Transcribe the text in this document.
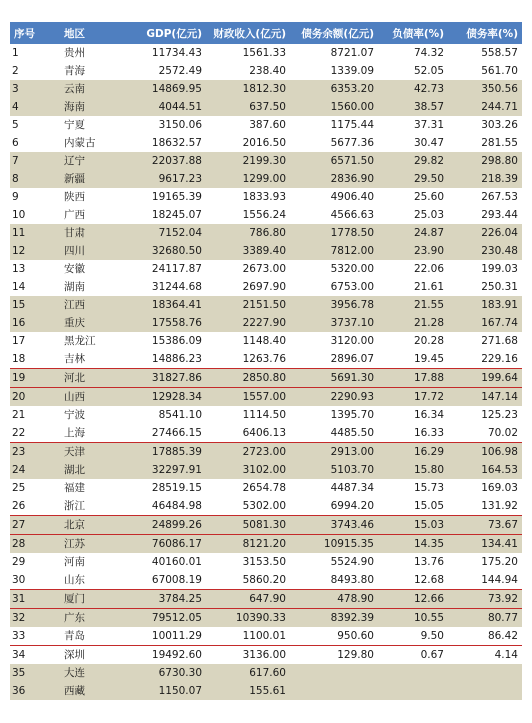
序号	地区	GDP(亿元)	财政收入(亿元)	债务余额(亿元)	负债率(%)	债务率(%)
1	贵州	11734.43	1561.33	8721.07	74.32	558.57
2	青海	2572.49	238.40	1339.09	52.05	561.70
3	云南	14869.95	1812.30	6353.20	42.73	350.56
4	海南	4044.51	637.50	1560.00	38.57	244.71
5	宁夏	3150.06	387.60	1175.44	37.31	303.26
6	内蒙古	18632.57	2016.50	5677.36	30.47	281.55
7	辽宁	22037.88	2199.30	6571.50	29.82	298.80
8	新疆	9617.23	1299.00	2836.90	29.50	218.39
9	陕西	19165.39	1833.93	4906.40	25.60	267.53
10	广西	18245.07	1556.24	4566.63	25.03	293.44
11	甘肃	7152.04	786.80	1778.50	24.87	226.04
12	四川	32680.50	3389.40	7812.00	23.90	230.48
13	安徽	24117.87	2673.00	5320.00	22.06	199.03
14	湖南	31244.68	2697.90	6753.00	21.61	250.31
15	江西	18364.41	2151.50	3956.78	21.55	183.91
16	重庆	17558.76	2227.90	3737.10	21.28	167.74
17	黑龙江	15386.09	1148.40	3120.00	20.28	271.68
18	吉林	14886.23	1263.76	2896.07	19.45	229.16
19	河北	31827.86	2850.80	5691.30	17.88	199.64
20	山西	12928.34	1557.00	2290.93	17.72	147.14
21	宁波	8541.10	1114.50	1395.70	16.34	125.23
22	上海	27466.15	6406.13	4485.50	16.33	70.02
23	天津	17885.39	2723.00	2913.00	16.29	106.98
24	湖北	32297.91	3102.00	5103.70	15.80	164.53
25	福建	28519.15	2654.78	4487.34	15.73	169.03
26	浙江	46484.98	5302.00	6994.20	15.05	131.92
27	北京	24899.26	5081.30	3743.46	15.03	73.67
28	江苏	76086.17	8121.20	10915.35	14.35	134.41
29	河南	40160.01	3153.50	5524.90	13.76	175.20
30	山东	67008.19	5860.20	8493.80	12.68	144.94
31	厦门	3784.25	647.90	478.90	12.66	73.92
32	广东	79512.05	10390.33	8392.39	10.55	80.77
33	青岛	10011.29	1100.01	950.60	9.50	86.42
34	深圳	19492.60	3136.00	129.80	0.67	4.14
35	大连	6730.30	617.60			
36	西藏	1150.07	155.61			
